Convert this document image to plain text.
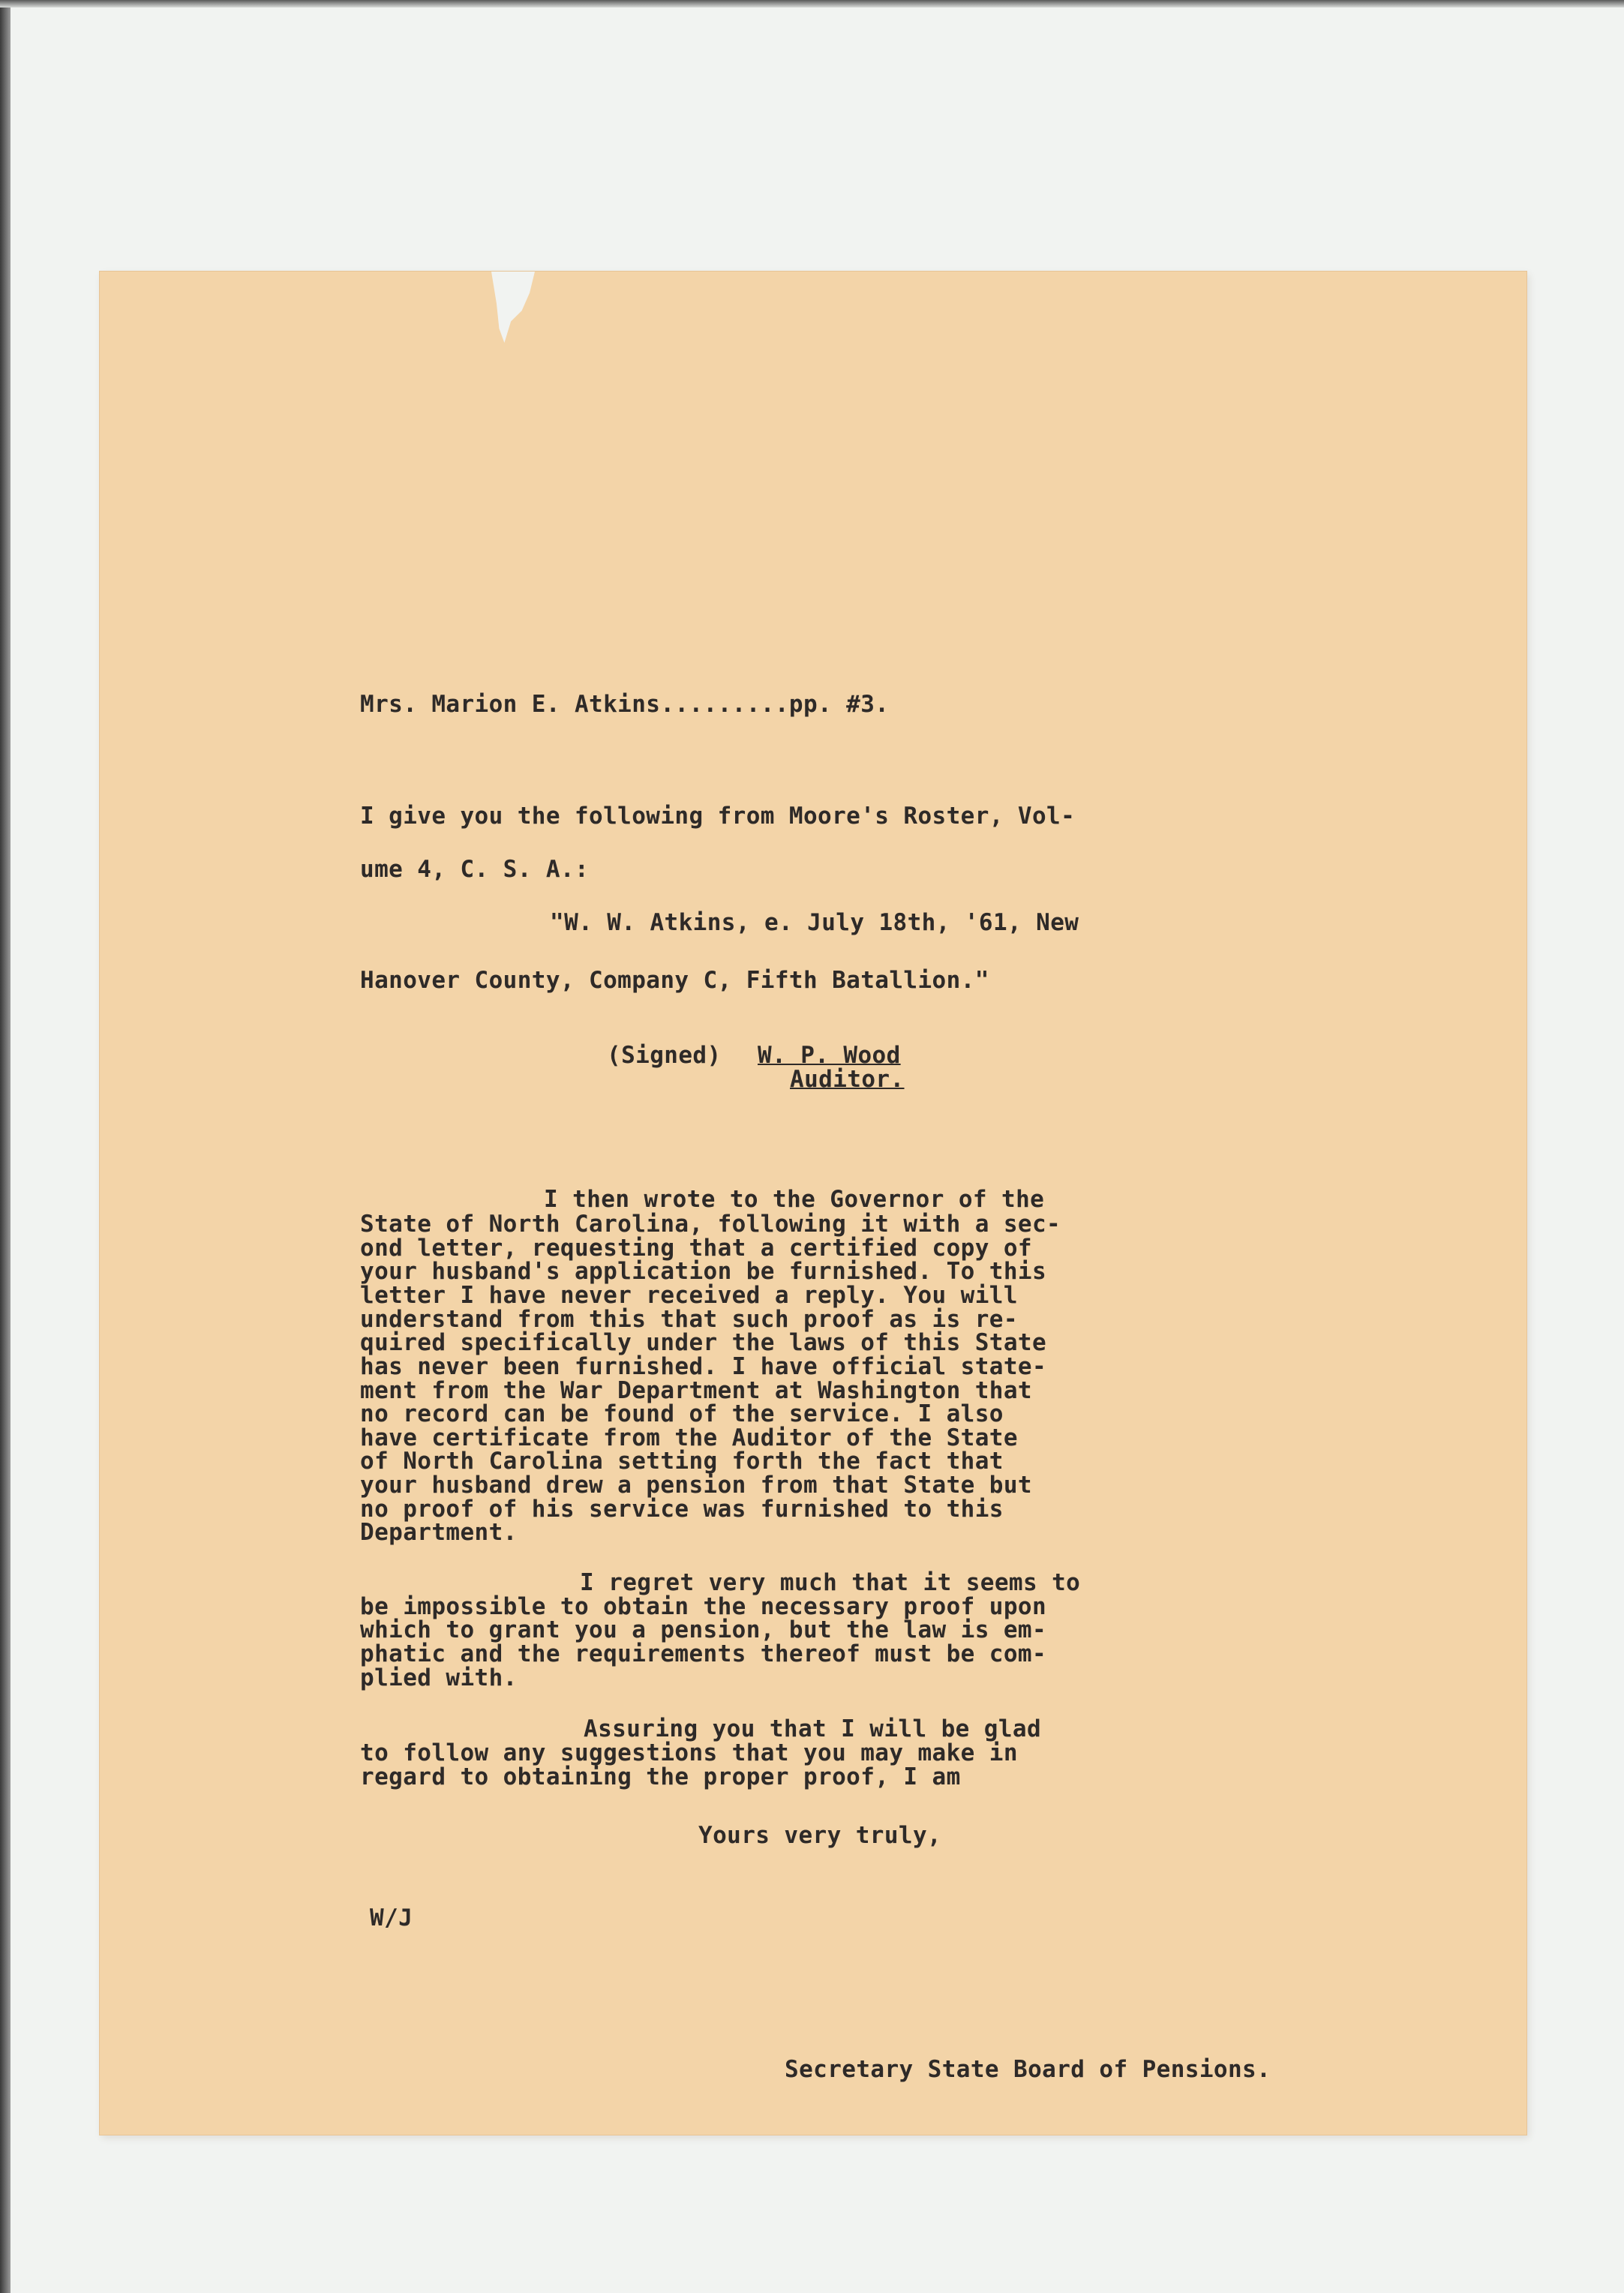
Mrs. Marion E. Atkins.........pp. #3.
I give you the following from Moore's Roster, Vol-
ume 4, C. S. A.:
"W. W. Atkins, e. July 18th, '61, New
Hanover County, Company C, Fifth Batallion."
(Signed) W. P. Wood
Auditor.
I then wrote to the Governor of the
State of North Carolina, following it with a sec-
ond letter, requesting that a certified copy of
your husband's application be furnished. To this
letter I have never received a reply. You will
understand from this that such proof as is re-
quired specifically under the laws of this State
has never been furnished. I have official state-
ment from the War Department at Washington that
no record can be found of the service. I also
have certificate from the Auditor of the State
of North Carolina setting forth the fact that
your husband drew a pension from that State but
no proof of his service was furnished to this
Department.
I regret very much that it seems to
be impossible to obtain the necessary proof upon
which to grant you a pension, but the law is em-
phatic and the requirements thereof must be com-
plied with.
Assuring you that I will be glad
to follow any suggestions that you may make in
regard to obtaining the proper proof, I am
Yours very truly,
W/J
Secretary State Board of Pensions.
